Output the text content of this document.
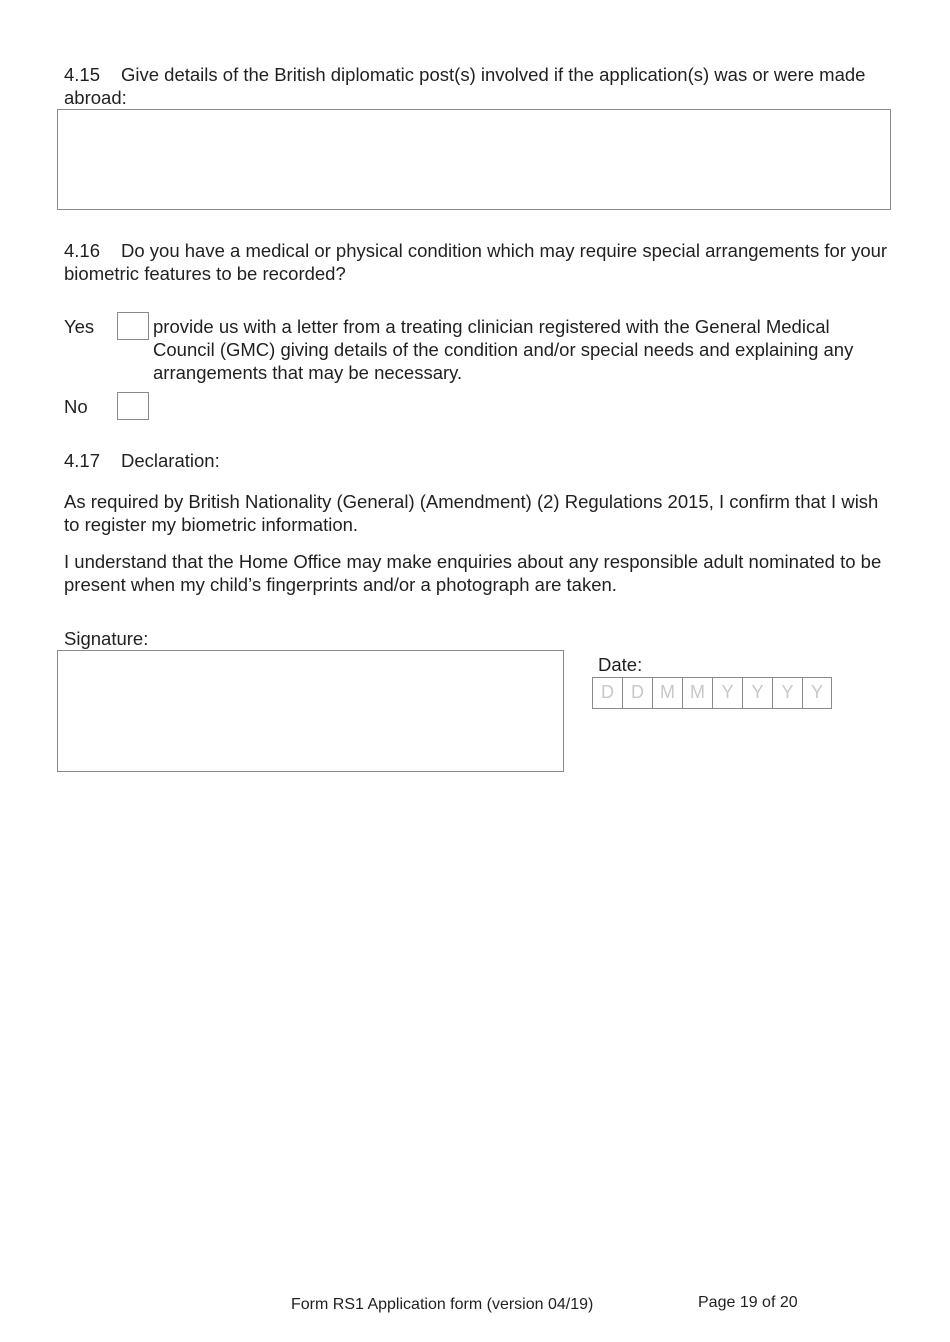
4.15 Give details of the British diplomatic post(s) involved if the application(s) was or were made abroad:
4.16 Do you have a medical or physical condition which may require special arrangements for your biometric features to be recorded?
Yes	provide us with a letter from a treating clinician registered with the General Medical Council (GMC) giving details of the condition and/or special needs and explaining any arrangements that may be necessary.
No
4.17 Declaration:
As required by British Nationality (General) (Amendment) (2) Regulations 2015, I confirm that I wish to register my biometric information.
I understand that the Home Office may make enquiries about any responsible adult nominated to be present when my child’s fingerprints and/or a photograph are taken.
Signature:
Date:
D D M M Y Y Y Y
Form RS1 Application form (version 04/19)	Page 19 of 20
